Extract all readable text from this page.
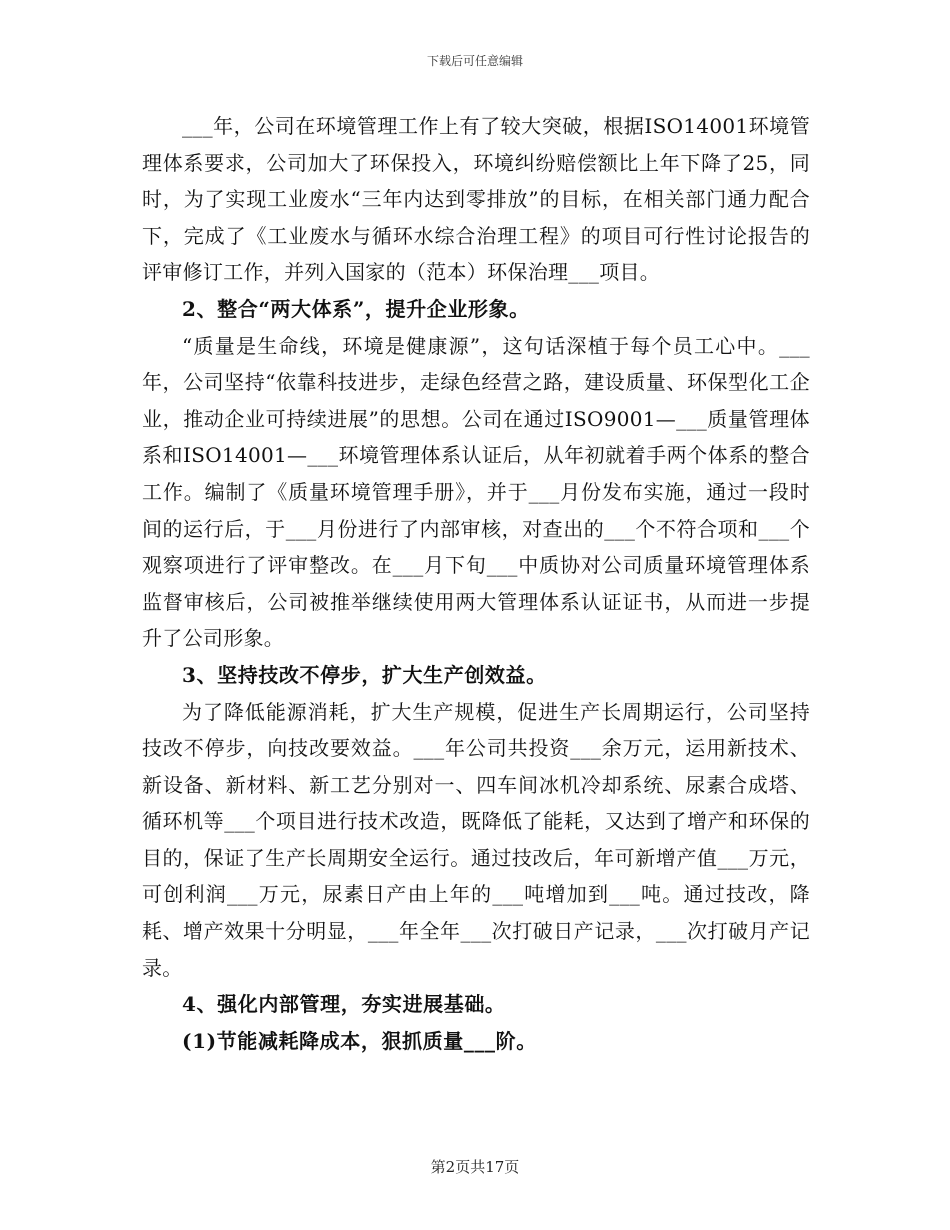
下载后可任意编辑

___年，公司在环境管理工作上有了较大突破，根据ISO14001环境管理体系要求，公司加大了环保投入，环境纠纷赔偿额比上年下降了25，同时，为了实现工业废水“三年内达到零排放”的目标，在相关部门通力配合下，完成了《工业废水与循环水综合治理工程》的项目可行性讨论报告的评审修订工作，并列入国家的（范本）环保治理___项目。

2、整合“两大体系”，提升企业形象。

“质量是生命线，环境是健康源”，这句话深植于每个员工心中。___年，公司坚持“依靠科技进步，走绿色经营之路，建设质量、环保型化工企业，推动企业可持续进展”的思想。公司在通过ISO9001—___质量管理体系和ISO14001—___环境管理体系认证后，从年初就着手两个体系的整合工作。编制了《质量环境管理手册》，并于___月份发布实施，通过一段时间的运行后，于___月份进行了内部审核，对查出的___个不符合项和___个观察项进行了评审整改。在___月下旬___中质协对公司质量环境管理体系监督审核后，公司被推举继续使用两大管理体系认证证书，从而进一步提升了公司形象。

3、坚持技改不停步，扩大生产创效益。

为了降低能源消耗，扩大生产规模，促进生产长周期运行，公司坚持技改不停步，向技改要效益。___年公司共投资___余万元，运用新技术、新设备、新材料、新工艺分别对一、四车间冰机冷却系统、尿素合成塔、循环机等___个项目进行技术改造，既降低了能耗，又达到了增产和环保的目的，保证了生产长周期安全运行。通过技改后，年可新增产值___万元，可创利润___万元，尿素日产由上年的___吨增加到___吨。通过技改，降耗、增产效果十分明显，___年全年___次打破日产记录，___次打破月产记录。

4、强化内部管理，夯实进展基础。

(1)节能减耗降成本，狠抓质量___阶。

第2页共17页
